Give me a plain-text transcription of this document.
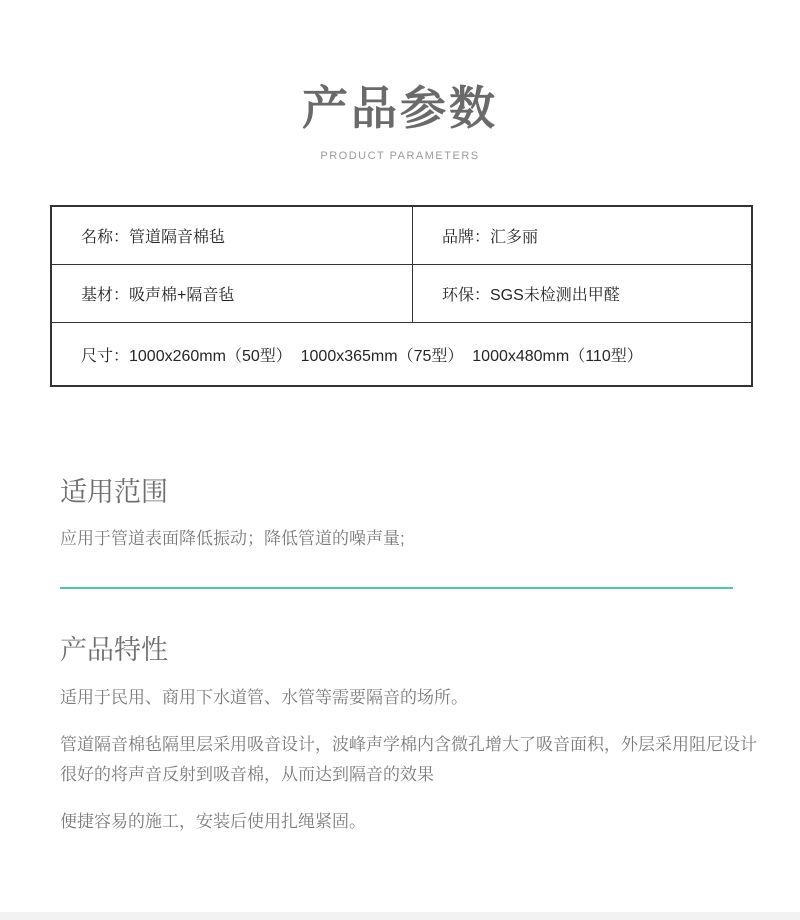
产品参数
PRODUCT PARAMETERS
名称：管道隔音棉毡	品牌：汇多丽
基材：吸声棉+隔音毡	环保：SGS未检测出甲醛
尺寸：1000x260mm（50型）  1000x365mm（75型）  1000x480mm（110型）
适用范围

应用于管道表面降低振动；降低管道的噪声量;

产品特性

适用于民用、商用下水道管、水管等需要隔音的场所。

管道隔音棉毡隔里层采用吸音设计，波峰声学棉内含微孔增大了吸音面积，外层采用阻尼设计很好的将声音反射到吸音棉，从而达到隔音的效果

便捷容易的施工，安装后使用扎绳紧固。
